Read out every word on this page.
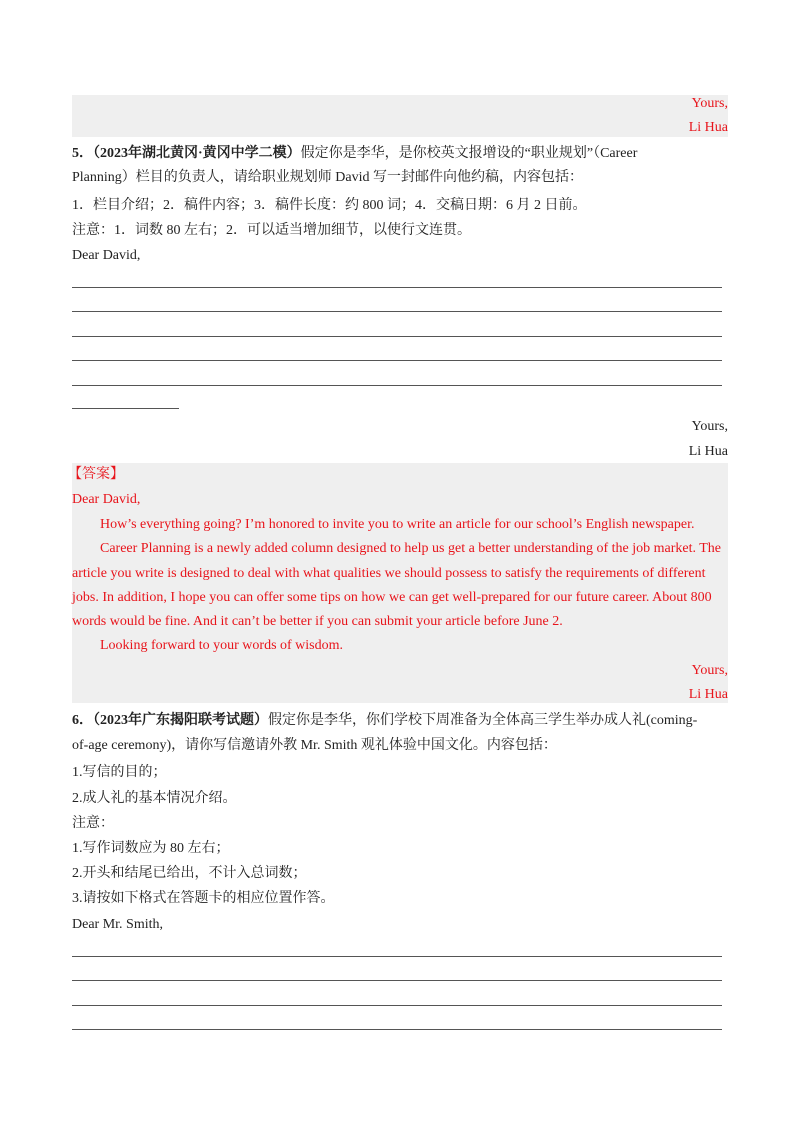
Yours,
Li Hua
5．（2023年湖北黄冈·黄冈中学二模）假定你是李华，是你校英文报增设的“职业规划”（Career
Planning）栏目的负责人，请给职业规划师 David 写一封邮件向他约稿，内容包括：
1．栏目介绍；2．稿件内容；3．稿件长度：约 800 词；4．交稿日期：6 月 2 日前。
注意：1．词数 80 左右；2．可以适当增加细节，以使行文连贯。
Dear David,
Yours,
Li Hua
【答案】
Dear David,
How’s everything going? I’m honored to invite you to write an article for our school’s English newspaper.
Career Planning is a newly added column designed to help us get a better understanding of the job market. The
article you write is designed to deal with what qualities we should possess to satisfy the requirements of different
jobs. In addition, I hope you can offer some tips on how we can get well-prepared for our future career. About 800
words would be fine. And it can’t be better if you can submit your article before June 2.
Looking forward to your words of wisdom.
Yours,
Li Hua
6．（2023年广东揭阳联考试题）假定你是李华，你们学校下周准备为全体高三学生举办成人礼(coming-
of-age ceremony)，请你写信邀请外教 Mr. Smith 观礼体验中国文化。内容包括：
1.写信的目的；
2.成人礼的基本情况介绍。
注意：
1.写作词数应为 80 左右；
2.开头和结尾已给出，不计入总词数；
3.请按如下格式在答题卡的相应位置作答。
Dear Mr. Smith,
